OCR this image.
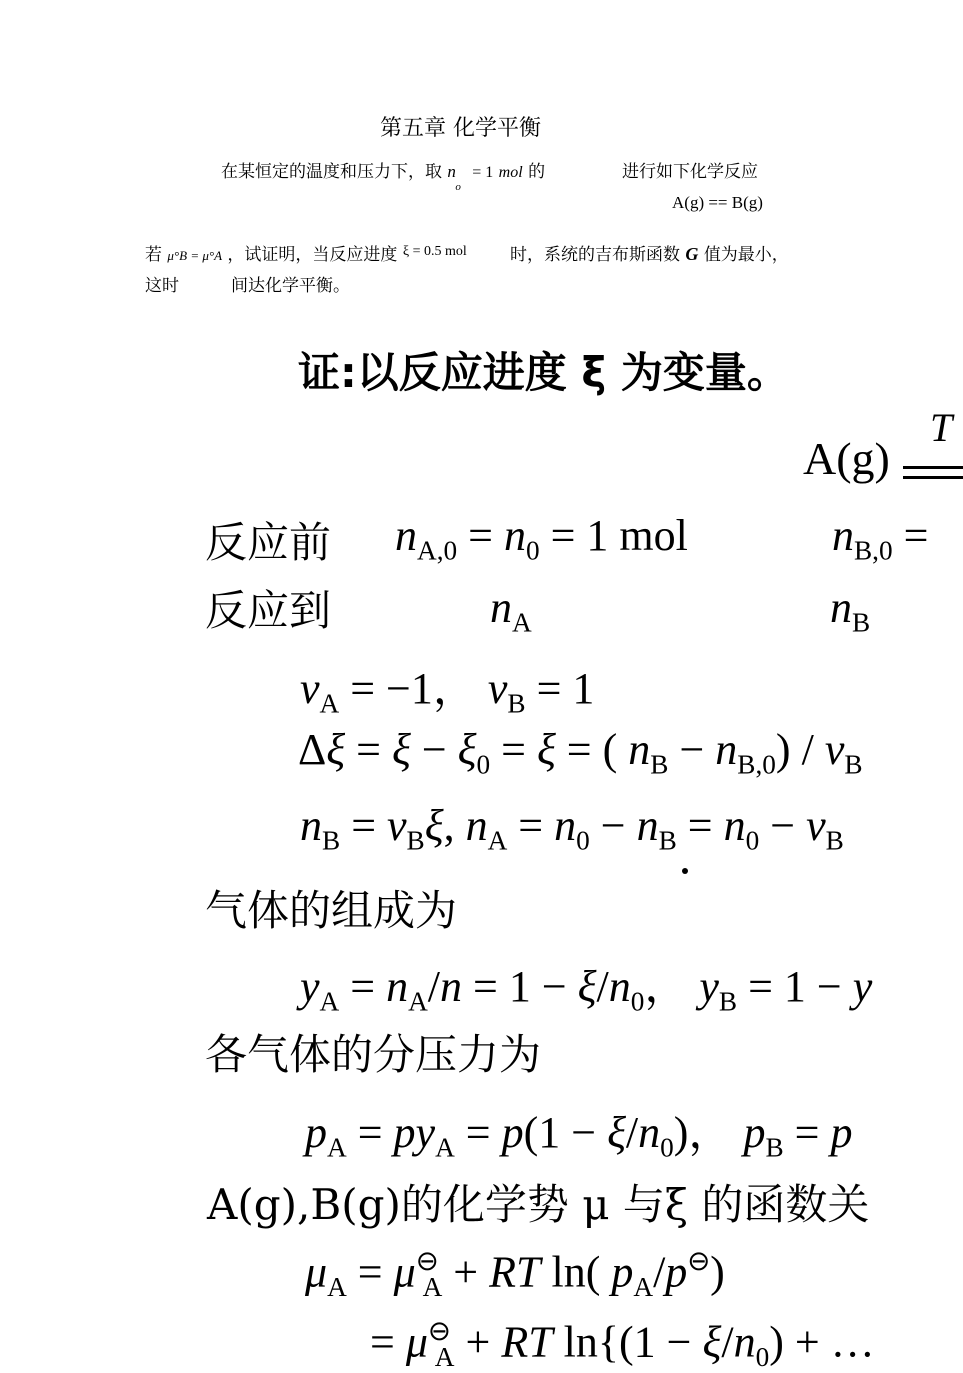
第五章 化学平衡
在某恒定的温度和压力下，取 n $_o$ = 1 mol 的	进行如下化学反应
A(g) == B(g)
若 μ°B = μ°A ，试证明，当反应进度 $^{\xi = 0.5 mol}$	时，系统的吉布斯函数 G 值为最小，
这时	间达化学平衡。
证:以反应进度 ξ 为变量。
A(g)
T
反应前 $n_{A,0} = n_0 = 1$ mol	$n_{B,0}$ =
反应到	$n_A$	$n_B$
$\nu_A = -1$， $\nu_B = 1$
$\Delta\xi = \xi - \xi_0 = \xi$ = ( $n_B - n_{B,0}) / \nu_B$
$n_B = \nu_B\xi$, $n_A = n_0 - n_B = n_0 - \nu_B$
气体的组成为
$y_A = n_A/n = 1 - \xi/n_0$， $y_B = 1 - y$
各气体的分压力为
$p_A = py_A = p(1 - \xi/n_0)$， $p_B = p$
A(g),B(g)的化学势 μ 与ξ 的函数关
$\mu_A = \mu^⊖_A$ + RT ln( $p_A/p^⊖$)
= $\mu^⊖_A$ + RT $\ln\{(1 - \xi/n_0)$ + …
